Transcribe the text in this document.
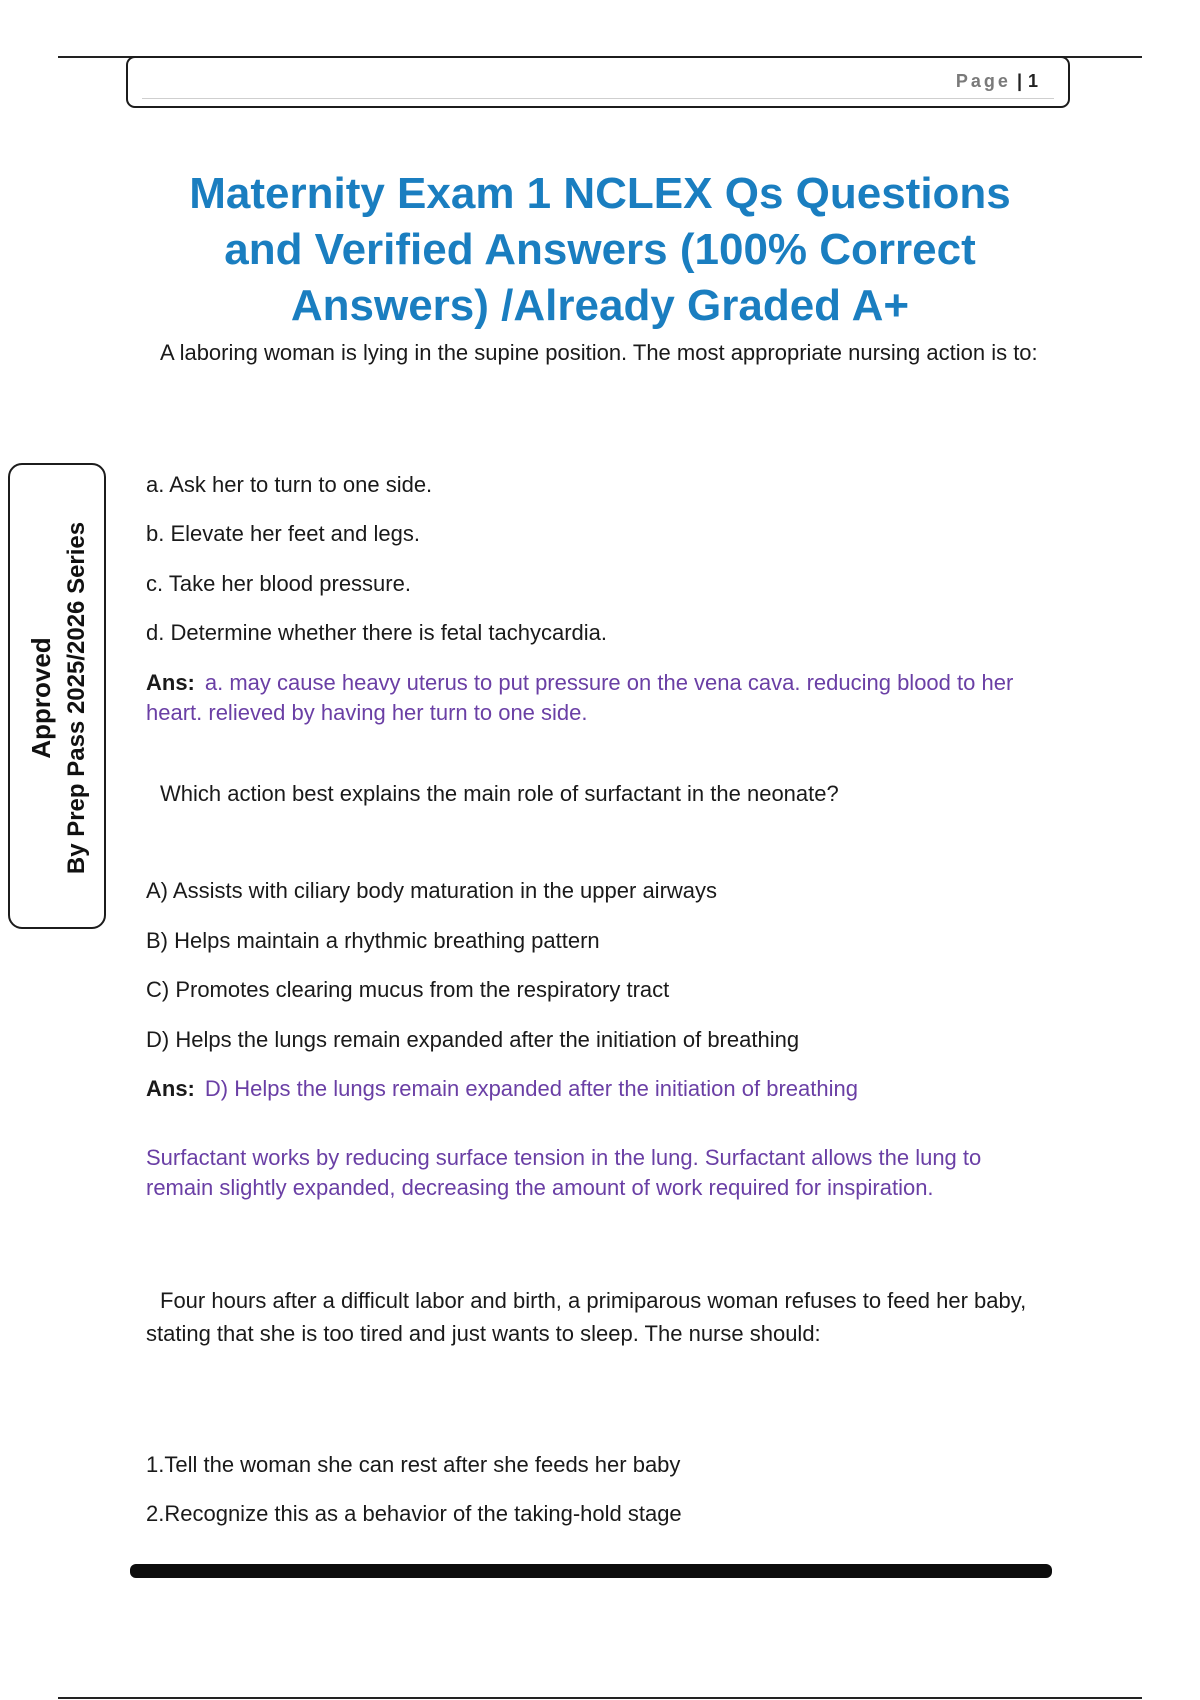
Page | 1
Maternity Exam 1 NCLEX Qs Questions and Verified Answers (100% Correct Answers) /Already Graded A+
Approved By Prep Pass 2025/2026 Series
A laboring woman is lying in the supine position. The most appropriate nursing action is to:
a. Ask her to turn to one side.
b. Elevate her feet and legs.
c. Take her blood pressure.
d. Determine whether there is fetal tachycardia.
Ans: a. may cause heavy uterus to put pressure on the vena cava. reducing blood to her heart. relieved by having her turn to one side.
Which action best explains the main role of surfactant in the neonate?
A) Assists with ciliary body maturation in the upper airways
B) Helps maintain a rhythmic breathing pattern
C) Promotes clearing mucus from the respiratory tract
D) Helps the lungs remain expanded after the initiation of breathing
Ans: D) Helps the lungs remain expanded after the initiation of breathing
Surfactant works by reducing surface tension in the lung. Surfactant allows the lung to remain slightly expanded, decreasing the amount of work required for inspiration.
Four hours after a difficult labor and birth, a primiparous woman refuses to feed her baby, stating that she is too tired and just wants to sleep. The nurse should:
1.Tell the woman she can rest after she feeds her baby
2.Recognize this as a behavior of the taking-hold stage
